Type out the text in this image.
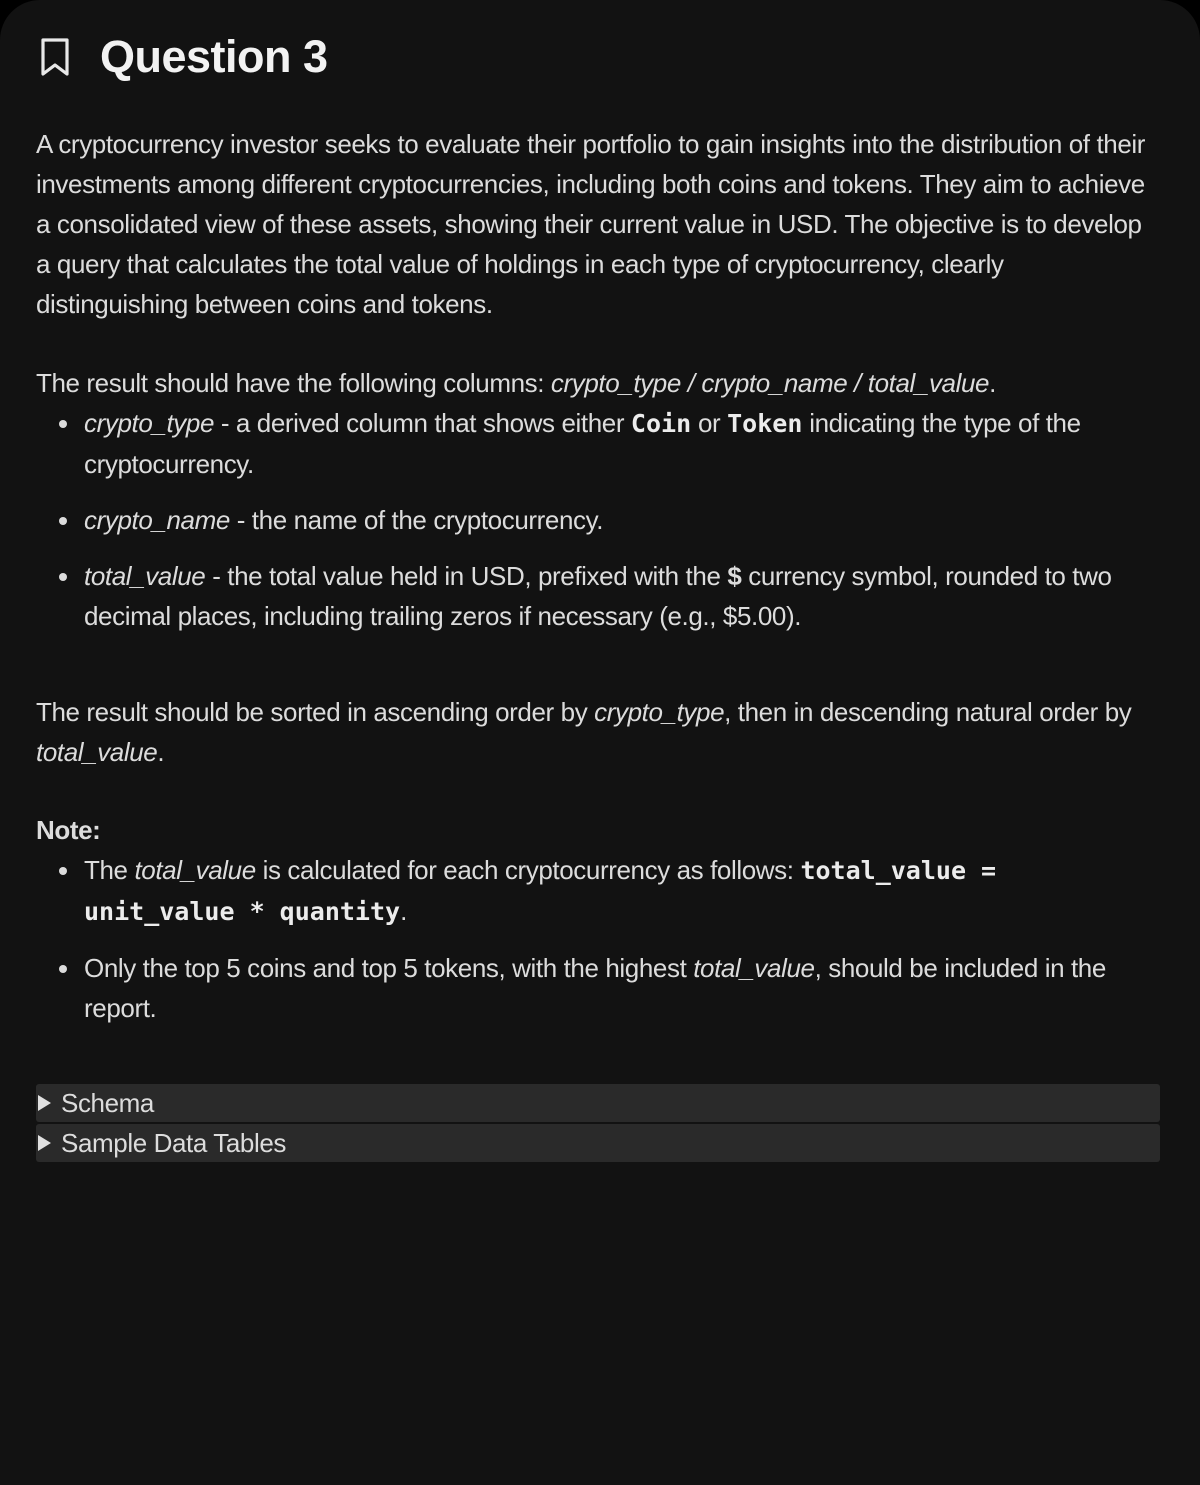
Question 3

A cryptocurrency investor seeks to evaluate their portfolio to gain insights into the distribution of their investments among different cryptocurrencies, including both coins and tokens. They aim to achieve a consolidated view of these assets, showing their current value in USD. The objective is to develop a query that calculates the total value of holdings in each type of cryptocurrency, clearly distinguishing between coins and tokens.

The result should have the following columns: crypto_type / crypto_name / total_value.

crypto_type - a derived column that shows either Coin or Token indicating the type of the cryptocurrency.
crypto_name - the name of the cryptocurrency.
total_value - the total value held in USD, prefixed with the $ currency symbol, rounded to two decimal places, including trailing zeros if necessary (e.g., $5.00).

The result should be sorted in ascending order by crypto_type, then in descending natural order by total_value.

Note:

The total_value is calculated for each cryptocurrency as follows: total_value = unit_value * quantity.
Only the top 5 coins and top 5 tokens, with the highest total_value, should be included in the report.
Schema
Sample Data Tables
